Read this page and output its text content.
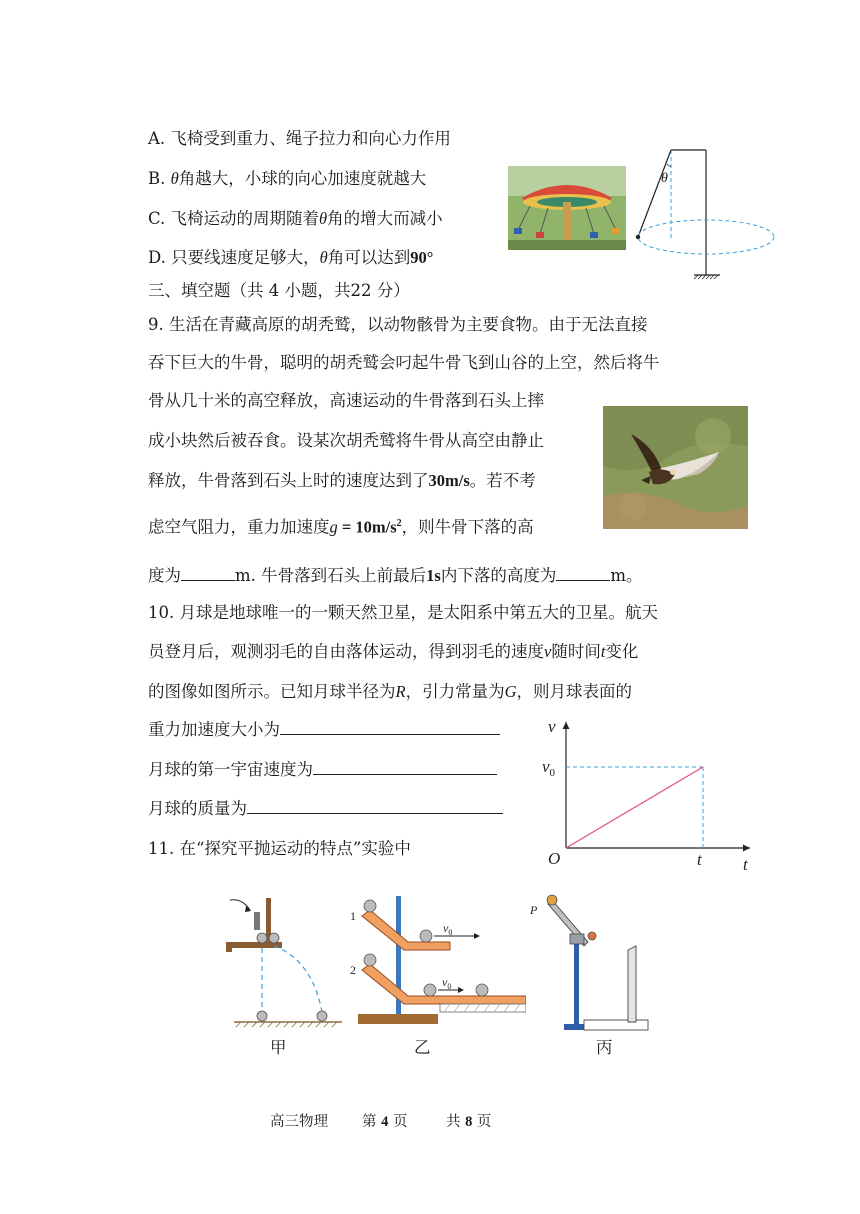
A. 飞椅受到重力、绳子拉力和向心力作用
B. θ角越大，小球的向心加速度就越大
C. 飞椅运动的周期随着θ角的增大而减小
D. 只要线速度足够大，θ角可以达到90°
θ
三、填空题（共 4 小题，共22 分）
9. 生活在青藏高原的胡秃鹫，以动物骸骨为主要食物。由于无法直接
吞下巨大的牛骨，聪明的胡秃鹫会叼起牛骨飞到山谷的上空，然后将牛
骨从几十米的高空释放，高速运动的牛骨落到石头上摔
成小块然后被吞食。设某次胡秃鹫将牛骨从高空由静止
释放，牛骨落到石头上时的速度达到了30m/s。若不考
虑空气阻力，重力加速度$g = 10m/s^2$，则牛骨下落的高
度为	m. 牛骨落到石头上前最后1s内下落的高度为	m。
10. 月球是地球唯一的一颗天然卫星，是太阳系中第五大的卫星。航天
员登月后，观测羽毛的自由落体运动，得到羽毛的速度v随时间t变化
的图像如图所示。已知月球半径为R，引力常量为G，则月球表面的
重力加速度大小为
月球的第一宇宙速度为
月球的质量为
v
$v_0$
O	t t
11. 在“探究平抛运动的特点”实验中
1
$v_0$
2
$v_0$
P
甲	乙	丙
高三物理 第 4 页	共 8 页
